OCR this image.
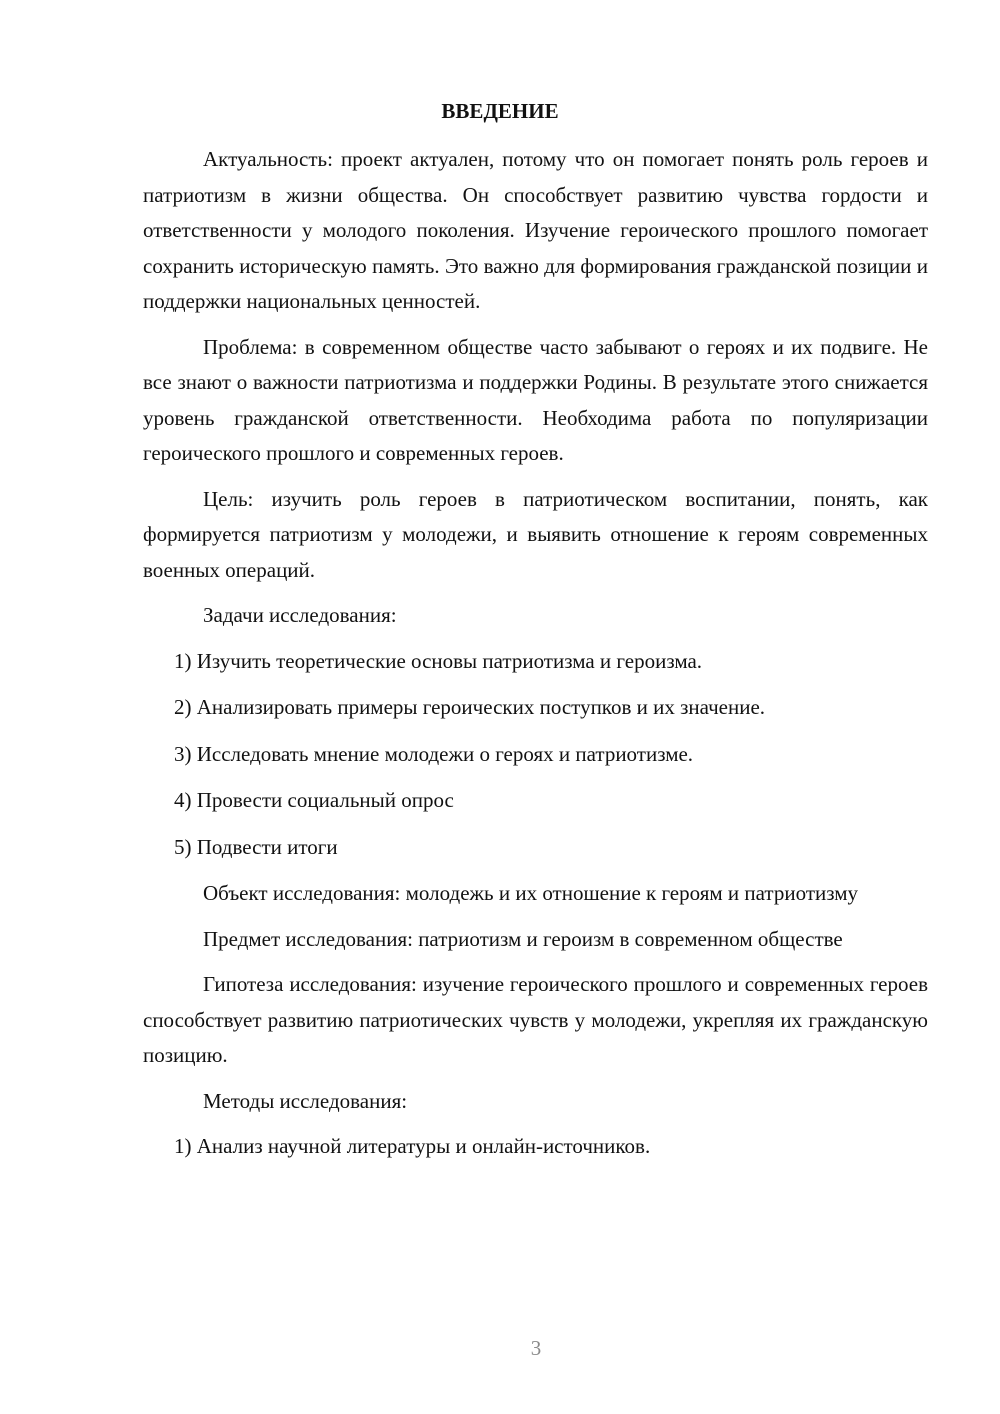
ВВЕДЕНИЕ

Актуальность: проект актуален, потому что он помогает понять роль героев и патриотизм в жизни общества. Он способствует развитию чувства гордости и ответственности у молодого поколения. Изучение героического прошлого помогает сохранить историческую память. Это важно для формирования гражданской позиции и поддержки национальных ценностей.

Проблема: в современном обществе часто забывают о героях и их подвиге. Не все знают о важности патриотизма и поддержки Родины. В результате этого снижается уровень гражданской ответственности. Необходима работа по популяризации героического прошлого и современных героев.

Цель: изучить роль героев в патриотическом воспитании, понять, как формируется патриотизм у молодежи, и выявить отношение к героям современных военных операций.

Задачи исследования:

1) Изучить теоретические основы патриотизма и героизма.

2) Анализировать примеры героических поступков и их значение.

3) Исследовать мнение молодежи о героях и патриотизме.

4) Провести социальный опрос

5) Подвести итоги

Объект исследования: молодежь и их отношение к героям и патриотизму

Предмет исследования: патриотизм и героизм в современном обществе

Гипотеза исследования: изучение героического прошлого и современных героев способствует развитию патриотических чувств у молодежи, укрепляя их гражданскую позицию.

Методы исследования:

1) Анализ научной литературы и онлайн-источников.

3
